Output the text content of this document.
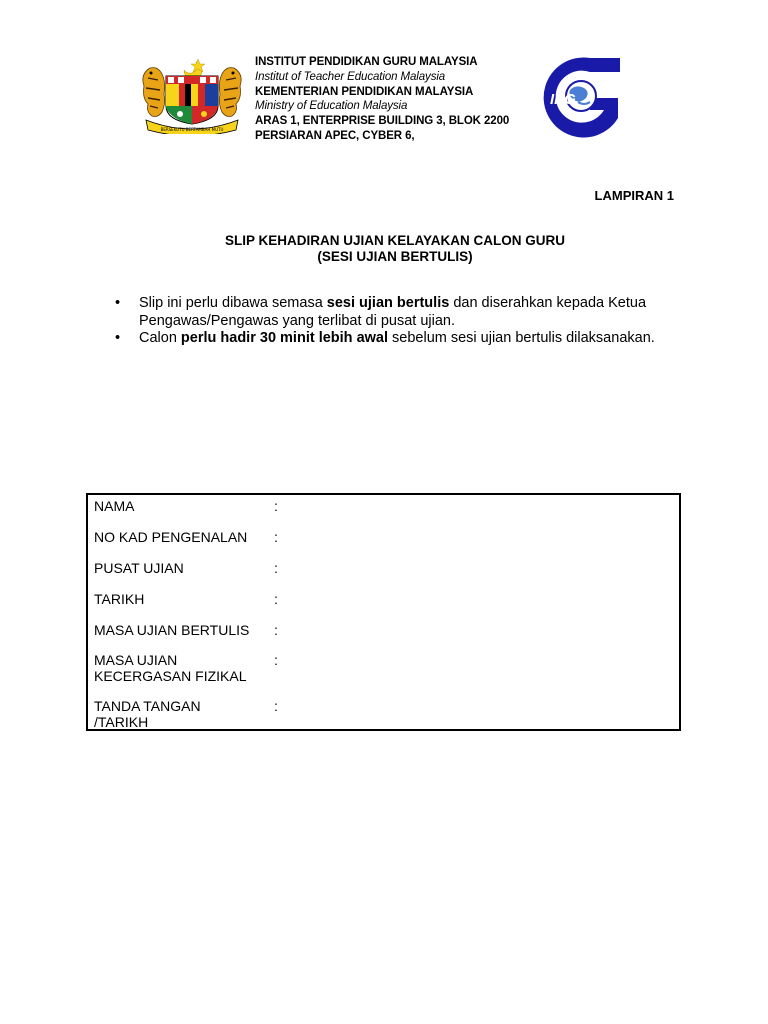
BERSEKUTU BERTAMBAH MUTU
INSTITUT PENDIDIKAN GURU MALAYSIA
Institut of Teacher Education Malaysia
KEMENTERIAN PENDIDIKAN MALAYSIA
Ministry of Education Malaysia
ARAS 1, ENTERPRISE BUILDING 3, BLOK 2200
PERSIARAN APEC, CYBER 6,
IPG
LAMPIRAN 1
SLIP KEHADIRAN UJIAN KELAYAKAN CALON GURU
(SESI UJIAN BERTULIS)
• Slip ini perlu dibawa semasa sesi ujian bertulis dan diserahkan kepada Ketua Pengawas/Pengawas yang terlibat di pusat ujian.
• Calon perlu hadir 30 minit lebih awal sebelum sesi ujian bertulis dilaksanakan.
NAMA	:
NO KAD PENGENALAN	:
PUSAT UJIAN	:
TARIKH	:
MASA UJIAN BERTULIS	:
MASA UJIAN
KECERGASAN FIZIKAL
:
TANDA TANGAN
/TARIKH
:
